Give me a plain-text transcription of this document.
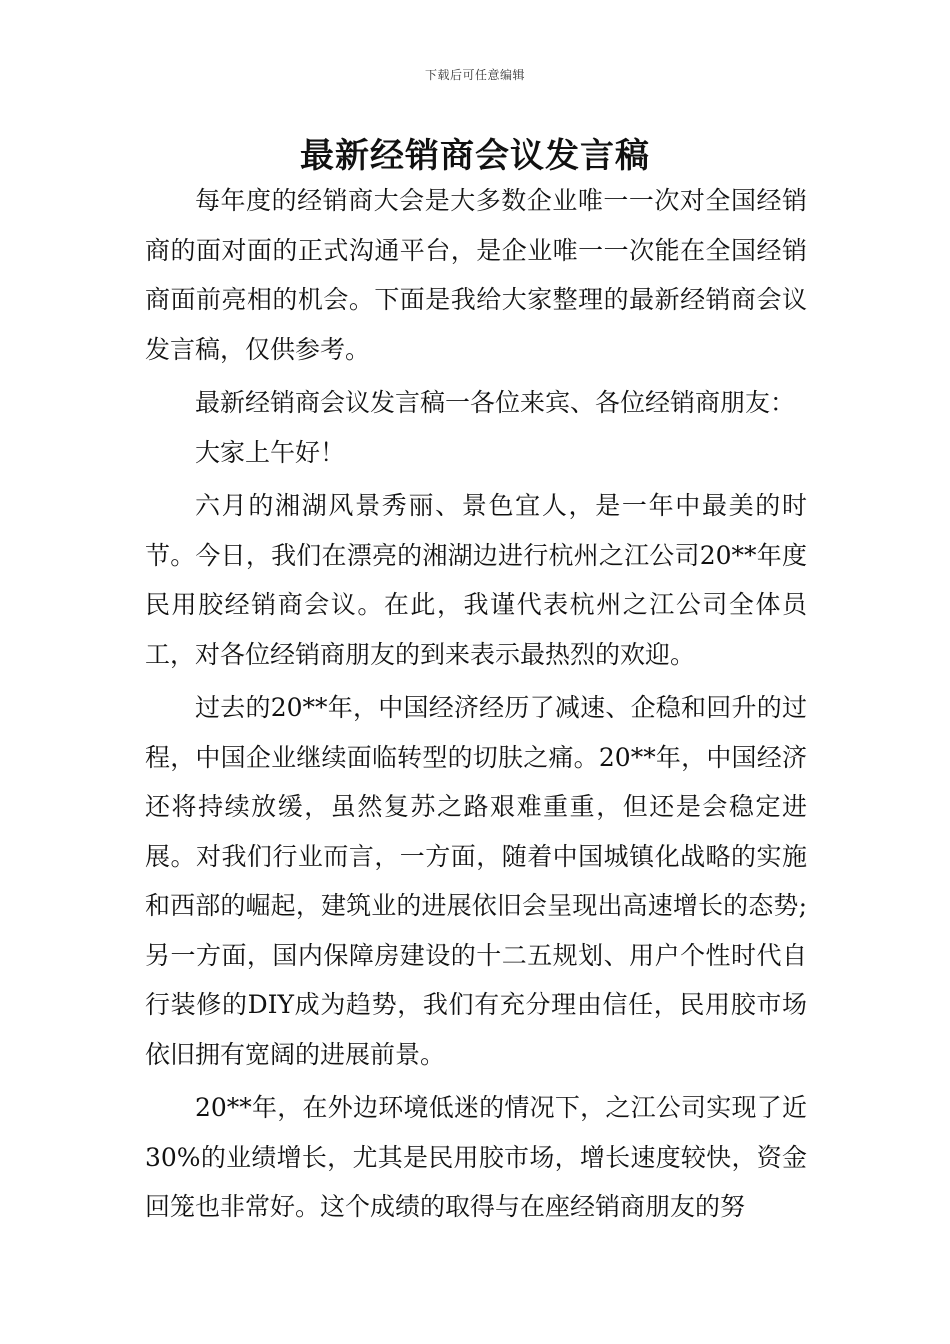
下载后可任意编辑
最新经销商会议发言稿

每年度的经销商大会是大多数企业唯一一次对全国经销商的面对面的正式沟通平台，是企业唯一一次能在全国经销商面前亮相的机会。下面是我给大家整理的最新经销商会议发言稿，仅供参考。

最新经销商会议发言稿一各位来宾、各位经销商朋友：

大家上午好！

六月的湘湖风景秀丽、景色宜人，是一年中最美的时节。今日，我们在漂亮的湘湖边进行杭州之江公司20**年度民用胶经销商会议。在此，我谨代表杭州之江公司全体员工，对各位经销商朋友的到来表示最热烈的欢迎。

过去的20**年，中国经济经历了减速、企稳和回升的过程，中国企业继续面临转型的切肤之痛。20**年，中国经济还将持续放缓，虽然复苏之路艰难重重，但还是会稳定进展。对我们行业而言，一方面，随着中国城镇化战略的实施和西部的崛起，建筑业的进展依旧会呈现出高速增长的态势;另一方面，国内保障房建设的十二五规划、用户个性时代自行装修的DIY成为趋势，我们有充分理由信任，民用胶市场依旧拥有宽阔的进展前景。

20**年，在外边环境低迷的情况下，之江公司实现了近30%的业绩增长，尤其是民用胶市场，增长速度较快，资金回笼也非常好。这个成绩的取得与在座经销商朋友的努
